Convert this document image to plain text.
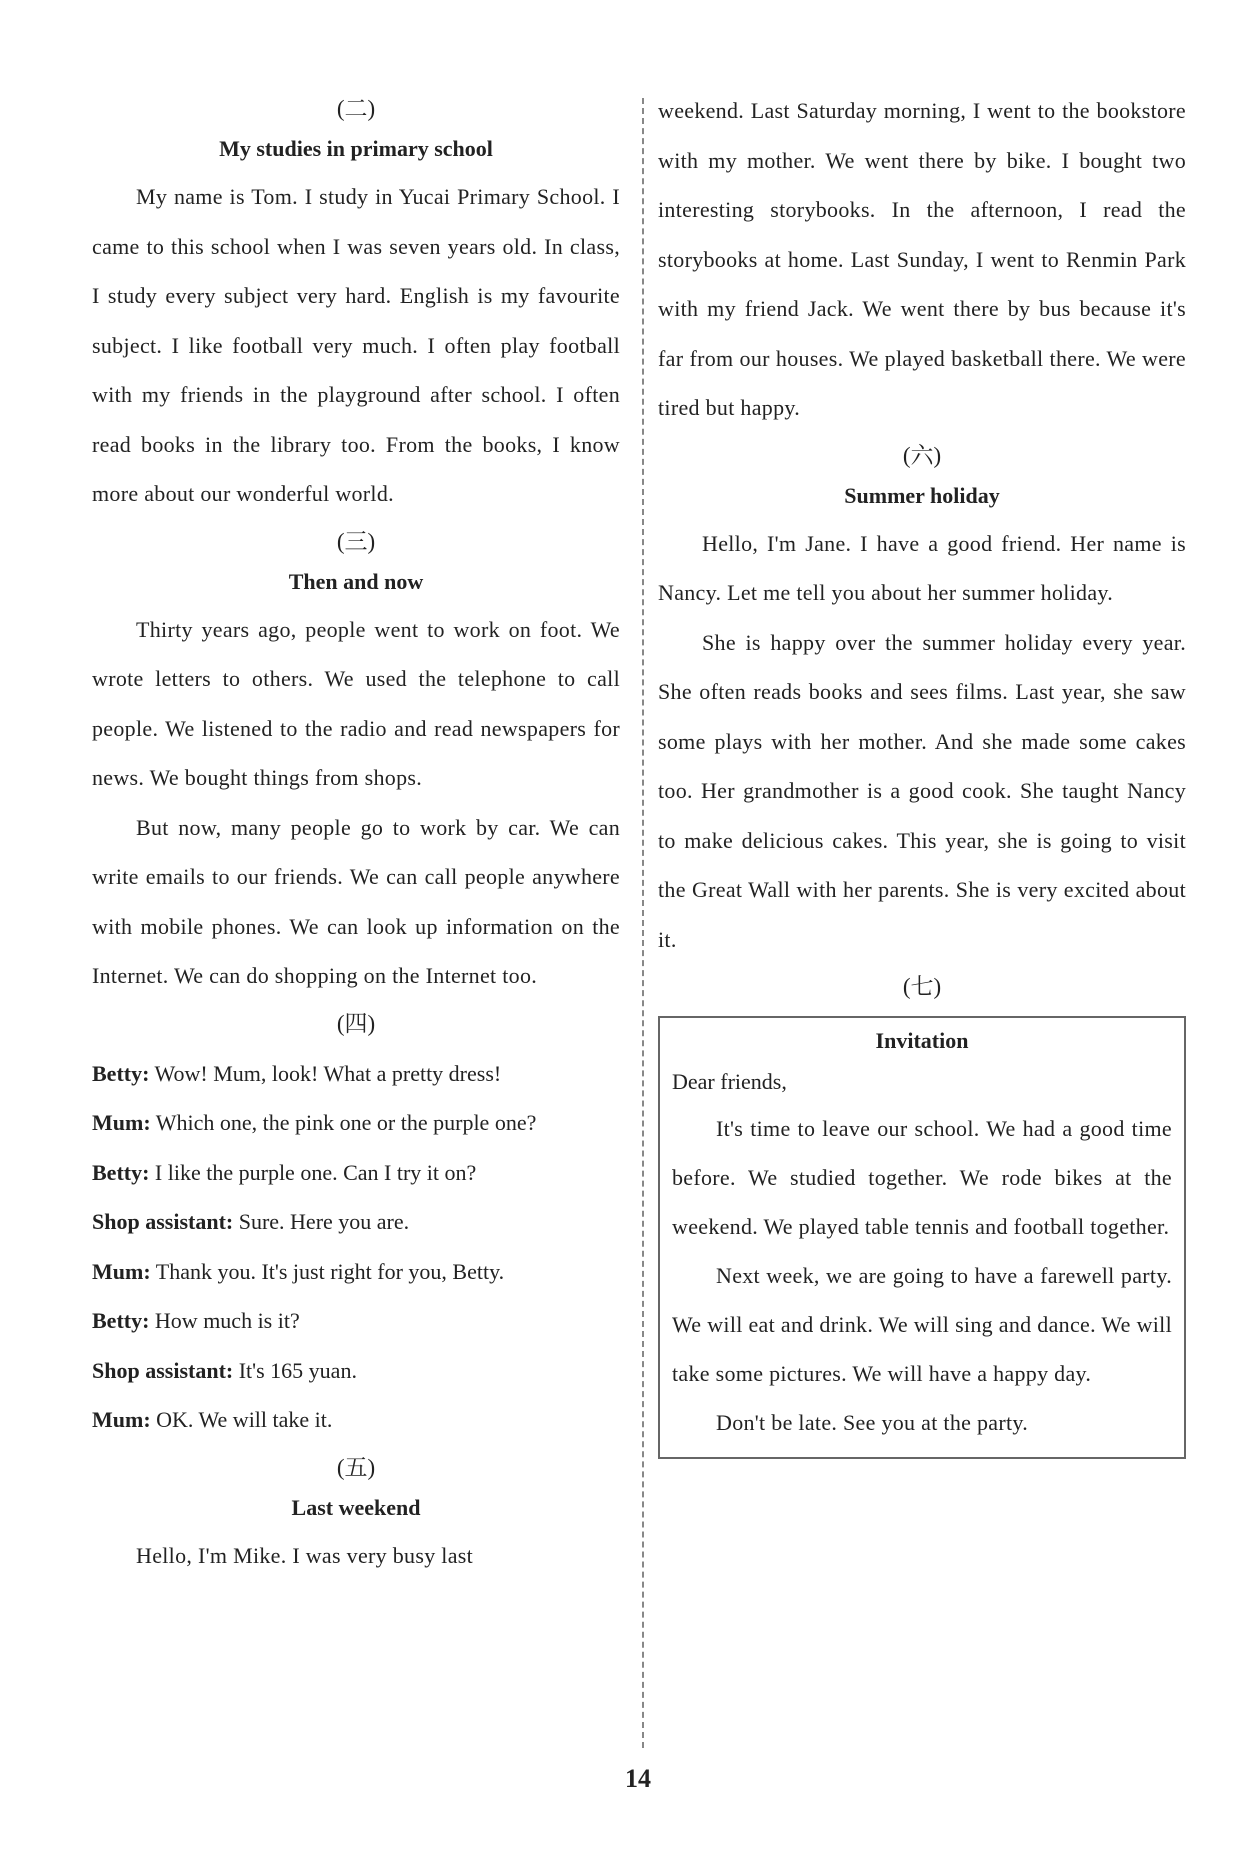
(二)
My studies in primary school

My name is Tom. I study in Yucai Primary School. I came to this school when I was seven years old. In class, I study every subject very hard. English is my favourite subject. I like football very much. I often play football with my friends in the playground after school. I often read books in the library too. From the books, I know more about our wonderful world.

(三)
Then and now

Thirty years ago, people went to work on foot. We wrote letters to others. We used the telephone to call people. We listened to the radio and read newspapers for news. We bought things from shops.

But now, many people go to work by car. We can write emails to our friends. We can call people anywhere with mobile phones. We can look up information on the Internet. We can do shopping on the Internet too.

(四)
Betty: Wow! Mum, look! What a pretty dress!
Mum: Which one, the pink one or the purple one?
Betty: I like the purple one. Can I try it on?
Shop assistant: Sure. Here you are.
Mum: Thank you. It's just right for you, Betty.
Betty: How much is it?
Shop assistant: It's 165 yuan.
Mum: OK. We will take it.
(五)
Last weekend

Hello, I'm Mike. I was very busy last

weekend. Last Saturday morning, I went to the bookstore with my mother. We went there by bike. I bought two interesting storybooks. In the afternoon, I read the storybooks at home. Last Sunday, I went to Renmin Park with my friend Jack. We went there by bus because it's far from our houses. We played basketball there. We were tired but happy.

(六)
Summer holiday

Hello, I'm Jane. I have a good friend. Her name is Nancy. Let me tell you about her summer holiday.

She is happy over the summer holiday every year. She often reads books and sees films. Last year, she saw some plays with her mother. And she made some cakes too. Her grandmother is a good cook. She taught Nancy to make delicious cakes. This year, she is going to visit the Great Wall with her parents. She is very excited about it.

(七)
Invitation

Dear friends,

It's time to leave our school. We had a good time before. We studied together. We rode bikes at the weekend. We played table tennis and football together.

Next week, we are going to have a farewell party. We will eat and drink. We will sing and dance. We will take some pictures. We will have a happy day.

Don't be late. See you at the party.

14
